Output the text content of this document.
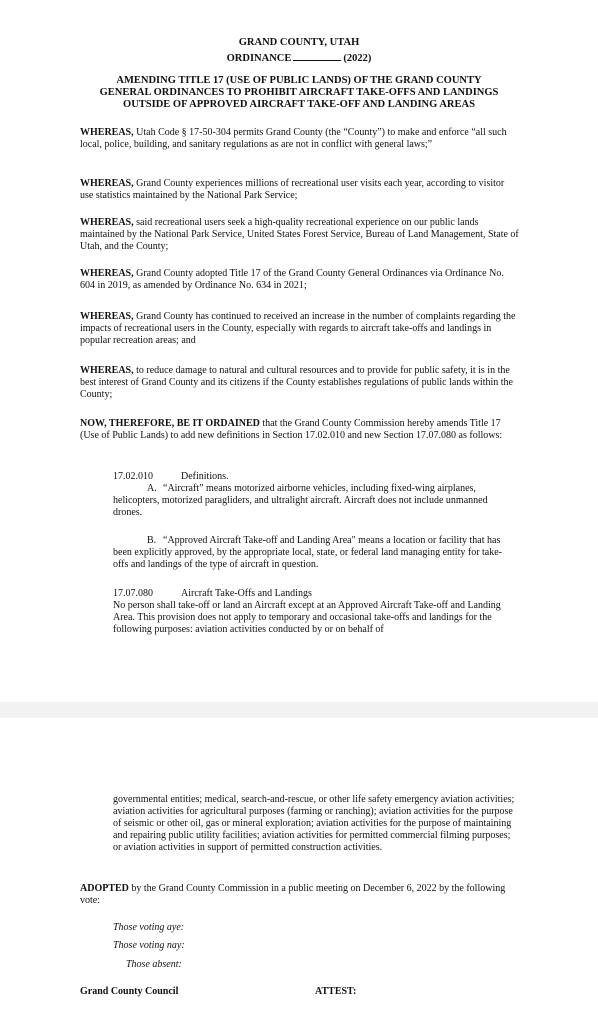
GRAND COUNTY, UTAH
ORDINANCE	(2022)
AMENDING TITLE 17 (USE OF PUBLIC LANDS) OF THE GRAND COUNTY
GENERAL ORDINANCES TO PROHIBIT AIRCRAFT TAKE-OFFS AND LANDINGS
OUTSIDE OF APPROVED AIRCRAFT TAKE-OFF AND LANDING AREAS
WHEREAS, Utah Code § 17-50-304 permits Grand County (the “County”) to make and enforce “all such local, police, building, and sanitary regulations as are not in conflict with general laws;”
WHEREAS, Grand County experiences millions of recreational user visits each year, according to visitor use statistics maintained by the National Park Service;
WHEREAS, said recreational users seek a high-quality recreational experience on our public lands maintained by the National Park Service, United States Forest Service, Bureau of Land Management, State of Utah, and the County;
WHEREAS, Grand County adopted Title 17 of the Grand County General Ordinances via Ordinance No. 604 in 2019, as amended by Ordinance No. 634 in 2021;
WHEREAS, Grand County has continued to received an increase in the number of complaints regarding the impacts of recreational users in the County, especially with regards to aircraft take-offs and landings in popular recreation areas; and
WHEREAS, to reduce damage to natural and cultural resources and to provide for public safety, it is in the best interest of Grand County and its citizens if the County establishes regulations of public lands within the County;
NOW, THEREFORE, BE IT ORDAINED that the Grand County Commission hereby amends Title 17 (Use of Public Lands) to add new definitions in Section 17.02.010 and new Section 17.07.080 as follows:
17.02.010	Definitions.
A. “Aircraft” means motorized airborne vehicles, including fixed-wing airplanes, helicopters, motorized paragliders, and ultralight aircraft. Aircraft does not include unmanned drones.
B. “Approved Aircraft Take-off and Landing Area" means a location or facility that has been explicitly approved, by the appropriate local, state, or federal land managing entity for take-offs and landings of the type of aircraft in question.
17.07.080	Aircraft Take-Offs and Landings
No person shall take-off or land an Aircraft except at an Approved Aircraft Take-off and Landing Area. This provision does not apply to temporary and occasional take-offs and landings for the following purposes: aviation activities conducted by or on behalf of
governmental entities; medical, search-and-rescue, or other life safety emergency aviation activities; aviation activities for agricultural purposes (farming or ranching); aviation activities for the purpose of seismic or other oil, gas or mineral exploration; aviation activities for the purpose of maintaining and repairing public utility facilities; aviation activities for permitted commercial filming purposes; or aviation activities in support of permitted construction activities.
ADOPTED by the Grand County Commission in a public meeting on December 6, 2022 by the following vote:
Those voting aye:
Those voting nay:
Those absent:
Grand County Council	ATTEST:
